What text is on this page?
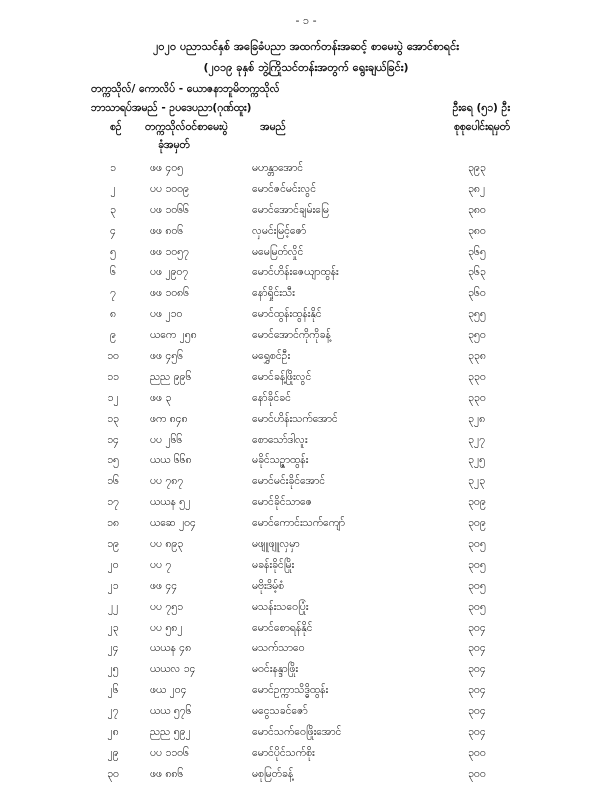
- ၁ -
၂၀၂၀ ပညာသင်နှစ် အခြေခံပညာ အထက်တန်းအဆင့် စာမေးပွဲ အောင်စာရင်း
(၂၀၁၉ ခုနှစ် ဘွဲ့ကြိုသင်တန်းအတွက် ရွေးချယ်ခြင်း)
တက္ကသိုလ်/ ကောလိပ် - ယောဇနာဘူမိတက္ကသိုလ်
ဘာသာရပ်အမည် - ဥပဒေပညာ(ဂုဏ်ထူး)	ဦးရေ (၅၁) ဦး
စဉ် တက္ကသိုလ်ဝင်စာမေးပွဲ
ခုံအမှတ်
အမည်	စုစုပေါင်းရမှတ်
၁	ဖဖ ၄၀၅	မဟန္တာအောင်	၃၉၃
၂	ပပ ၁၀၀၉	မောင်ဇင်မင်းလွင်	၃၈၂
၃	ပဖ ၁၀၆၆	မောင်အောင်ချမ်းမြေ	၃၈၀
၄	ဖဖ ၈၀၆	လှမင်းမြင့်ဇော်	၃၈၀
၅	ဖဖ ၁၀၅၇	မမေမြတ်လှိုင်	၃၆၅
၆	ပဖ ၂၉၀၇	မောင်ဟိန်းဇေယျာထွန်း	၃၆၃
၇	ဖဖ ၁၀၈၆	နော်ရှိုင်းသီး	၃၆၀
၈	ပဖ ၂၁၀	မောင်ထွန်းထွန်းနိုင်	၃၅၅
၉	ယကေ ၂၅၈	မောင်အောင်ကိုကိုခန့်	၃၅၀
၁၀	ဖဖ ၄၅၆	မရွှေစင်ဦး	၃၃၈
၁၁	ညည ၉၉၆	မောင်ခန့်ဖြိုးလွင်	၃၃၀
၁၂	ဖဖ ၃	နော်ခိုင်ခင်	၃၃၀
၁၃	ဖက ၈၄၈	မောင်ဟိန်းသက်အောင်	၃၂၈
၁၄	ပပ ၂၆၆	စောသော်ဒါလူး	၃၂၇
၁၅	ယယ ၆၆၈	မခိုင်သဉ္ဇာထွန်း	၃၂၅
၁၆	ပပ ၇၈၇	မောင်မင်းခိုင်အောင်	၃၂၃
၁၇	ယယန ၅၂	မောင်ခိုင်သာဇေ	၃၀၉
၁၈	ယဆေ ၂၀၄	မောင်ကောင်းသက်ကျော်	၃၀၉
၁၉	ပပ ၈၉၃	မဖျူဖျူလှမှာ	၃၀၅
၂၀	ပပ ၇	မခန်းခိုင်မြိုး	၃၀၅
၂၁	ဖဖ ၄၄	မဗိုးဒိမ့်စံ	၃၀၅
၂၂	ပပ ၇၅၁	မသန်းသဝေပြုံး	၃၀၅
၂၃	ပပ ၅၈၂	မောင်စောရန်နိုင်	၃၀၄
၂၄	ယယန ၄၈	မသက်သာဝေ	၃၀၄
၂၅	ယယလ ၁၄	မဝင်းနန္ဒာဖြိုး	၃၀၄
၂၆	ဖယ ၂၀၄	မောင်ဥက္ကာသိဒ္ဓိထွန်း	၃၀၄
၂၇	ယယ ၅၇၆	မငွေသခင်ဇော်	၃၀၄
၂၈	ညည ၅၉၂	မောင်သက်ဝေဖြိုးအောင်	၃၀၄
၂၉	ပပ ၁၁၀၆	မောင်ပိုင်သက်စိုး	၃၀၀
၃၀	ဖဖ ၈၈၆	မစုမြတ်ခန့်	၃၀၀
